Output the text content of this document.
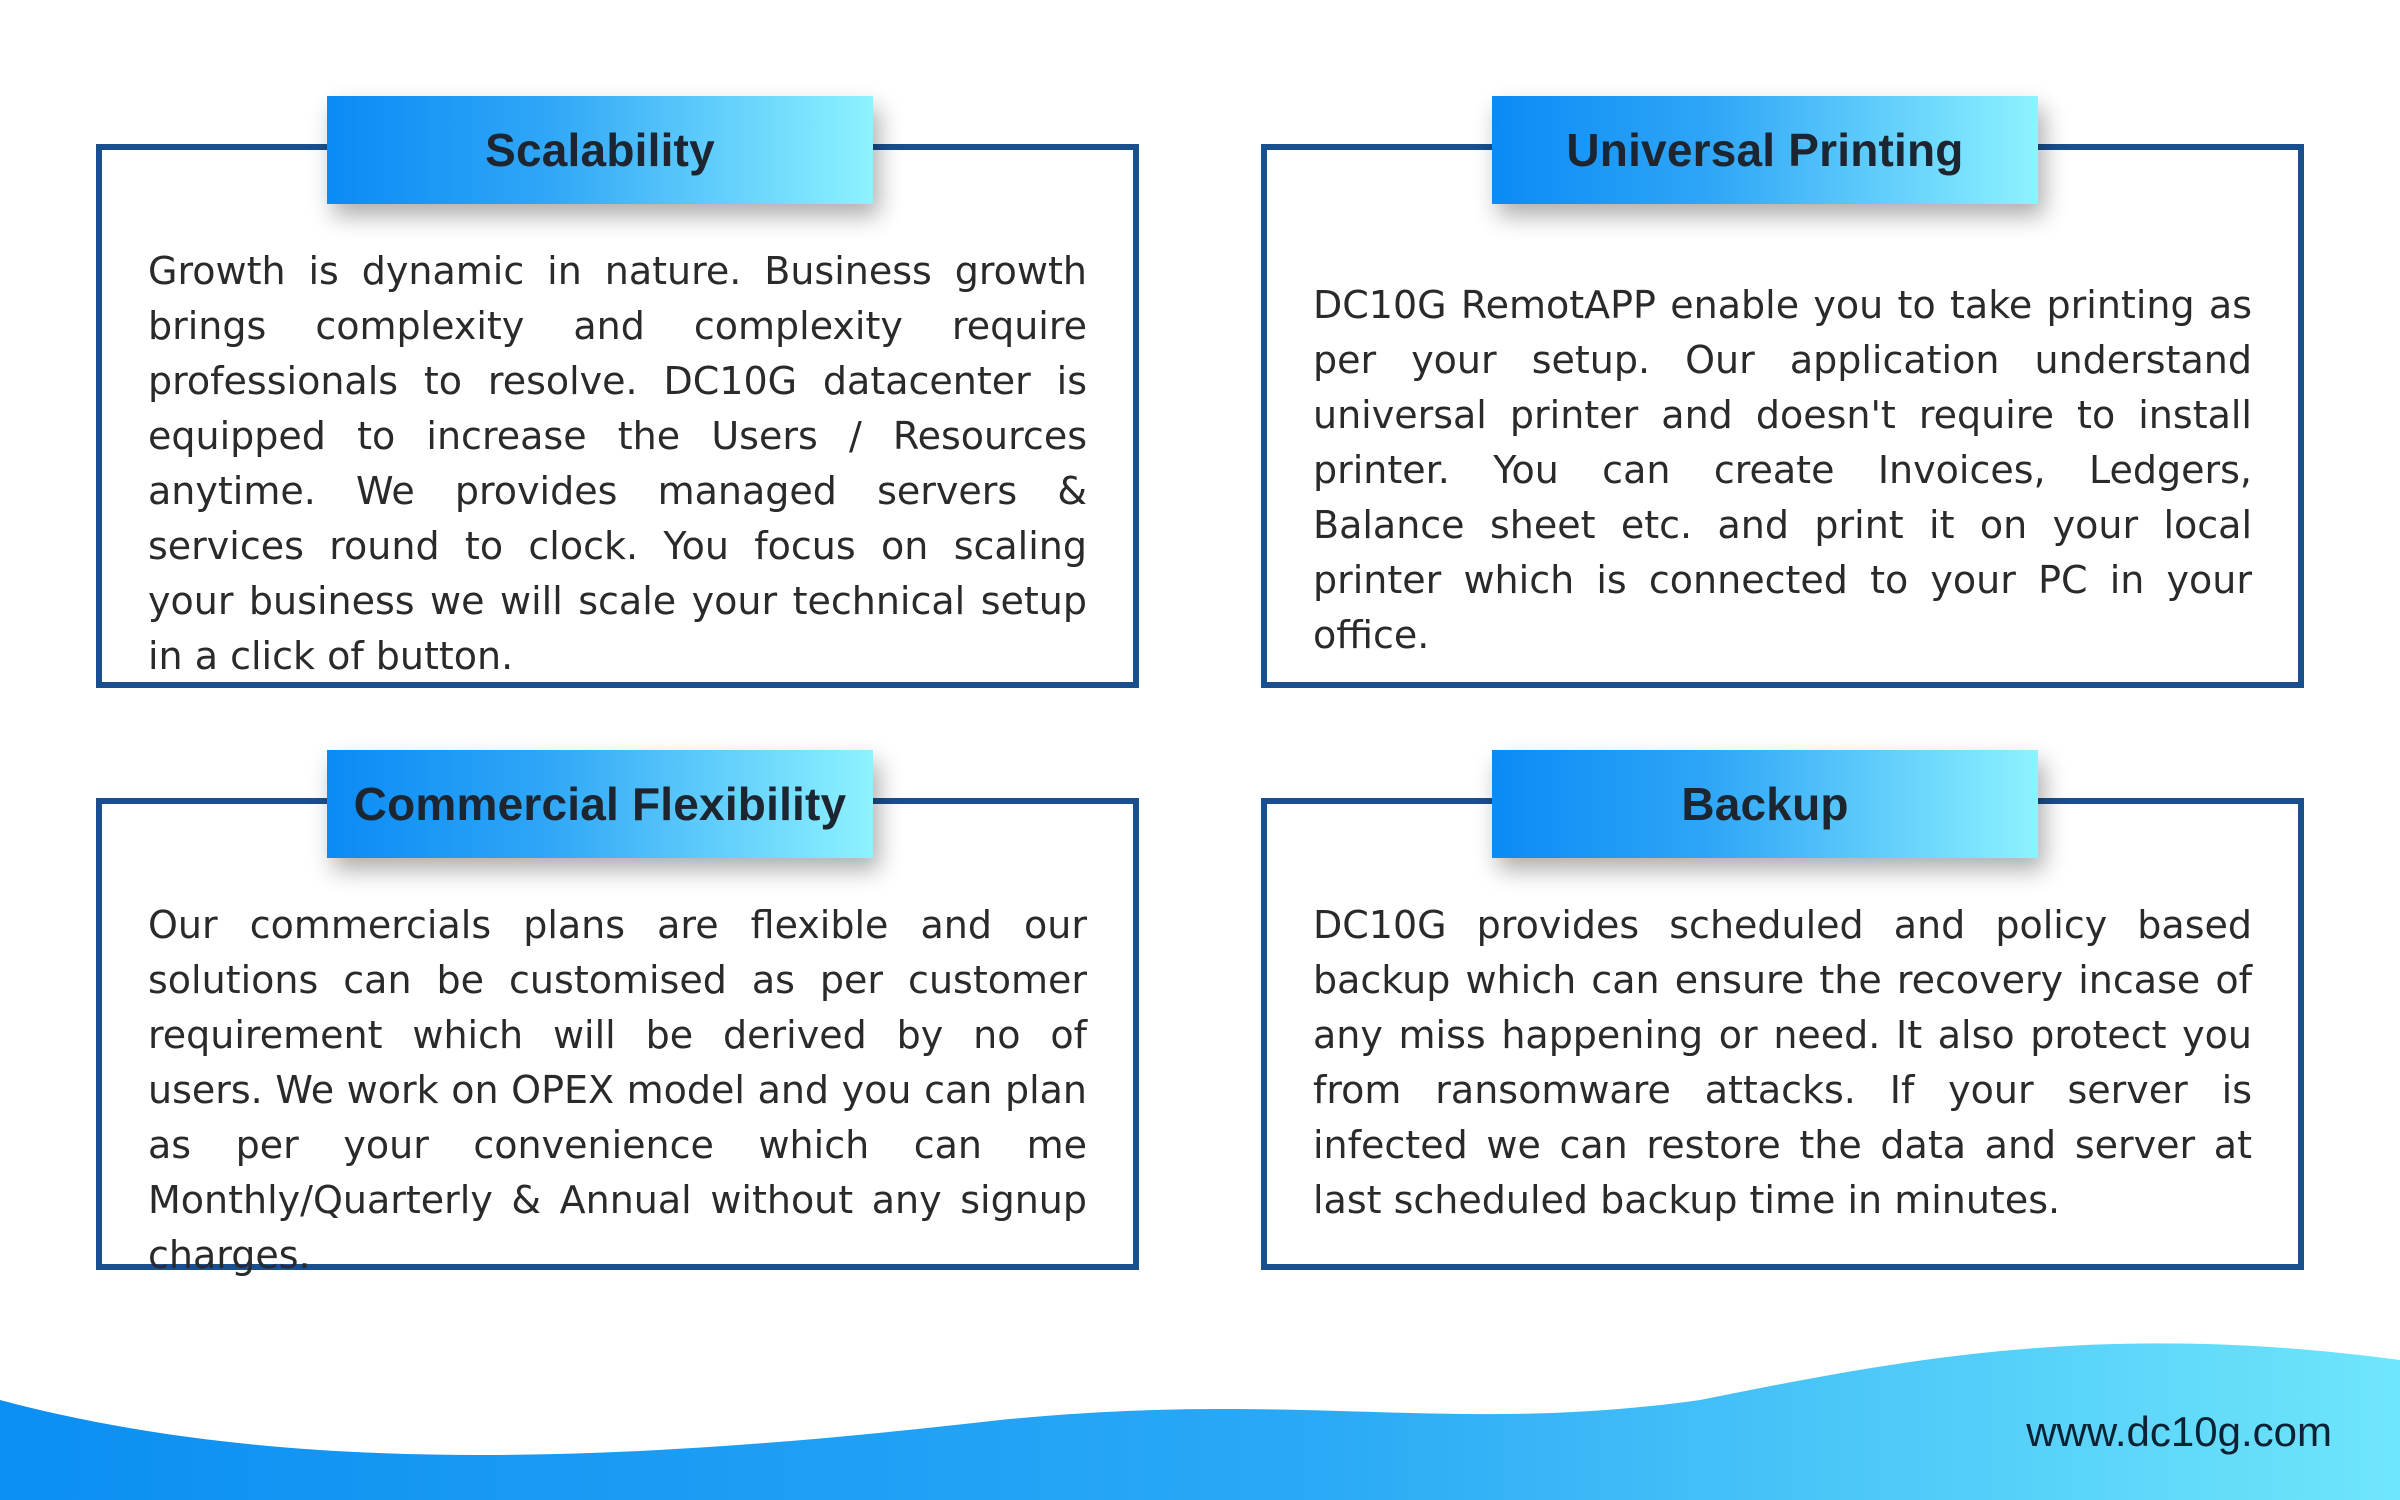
Scalability
Growth is dynamic in nature. Business growth brings complexity and complexity require professionals to resolve. DC10G datacenter is equipped to increase the Users / Resources anytime. We provides managed servers & services round to clock. You focus on scaling your business we will scale your technical setup in a click of button.
Universal Printing
DC10G RemotAPP enable you to take printing as per your setup. Our application understand universal printer and doesn't require to install printer. You can create Invoices, Ledgers, Balance sheet etc. and print it on your local printer which is connected to your PC in your office.
Commercial Flexibility
Our commercials plans are flexible and our solutions can be customised as per customer requirement which will be derived by no of users. We work on OPEX model and you can plan as per your convenience which can me Monthly/Quarterly & Annual without any signup charges.
Backup
DC10G provides scheduled and policy based backup which can ensure the recovery incase of any miss happening or need. It also protect you from ransomware attacks. If your server is infected we can restore the data and server at last scheduled backup time in minutes.
www.dc10g.com
